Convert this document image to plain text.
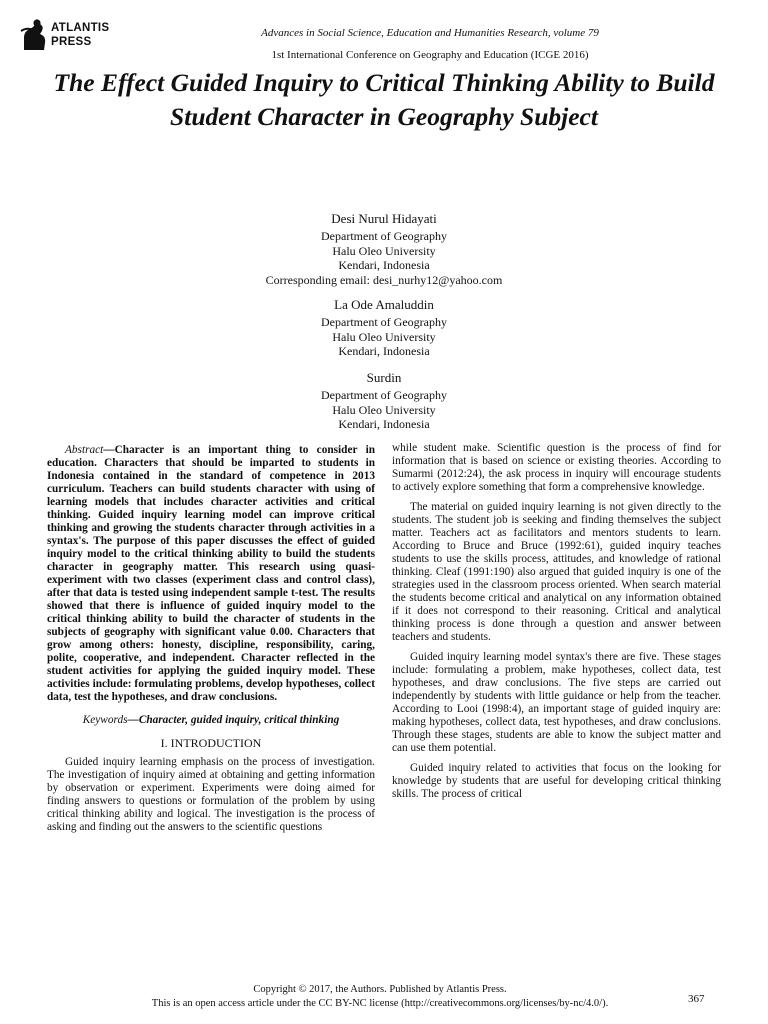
ATLANTIS
PRESS
Advances in Social Science, Education and Humanities Research, volume 79
1st International Conference on Geography and Education (ICGE 2016)
The Effect Guided Inquiry to Critical Thinking Ability to Build Student Character in Geography Subject
Desi Nurul Hidayati
Department of Geography
Halu Oleo University
Kendari, Indonesia
Corresponding email: desi_nurhy12@yahoo.com
La Ode Amaluddin
Department of Geography
Halu Oleo University
Kendari, Indonesia
Surdin
Department of Geography
Halu Oleo University
Kendari, Indonesia

Abstract—Character is an important thing to consider in education. Characters that should be imparted to students in Indonesia contained in the standard of competence in 2013 curriculum. Teachers can build students character with using of learning models that includes character activities and critical thinking. Guided inquiry learning model can improve critical thinking and growing the students character through activities in a syntax's. The purpose of this paper discusses the effect of guided inquiry model to the critical thinking ability to build the students character in geography matter. This research using quasi-experiment with two classes (experiment class and control class), after that data is tested using independent sample t-test. The results showed that there is influence of guided inquiry model to the critical thinking ability to build the character of students in the subjects of geography with significant value 0.00. Characters that grow among others: honesty, discipline, responsibility, caring, polite, cooperative, and independent. Character reflected in the student activities for applying the guided inquiry model. These activities include: formulating problems, develop hypotheses, collect data, test the hypotheses, and draw conclusions.

Keywords—Character, guided inquiry, critical thinking

I. INTRODUCTION

Guided inquiry learning emphasis on the process of investigation. The investigation of inquiry aimed at obtaining and getting information by observation or experiment. Experiments were doing aimed for finding answers to questions or formulation of the problem by using critical thinking ability and logical. The investigation is the process of asking and finding out the answers to the scientific questions

while student make. Scientific question is the process of find for information that is based on science or existing theories. According to Sumarmi (2012:24), the ask process in inquiry will encourage students to actively explore something that form a comprehensive knowledge.

The material on guided inquiry learning is not given directly to the students. The student job is seeking and finding themselves the subject matter. Teachers act as facilitators and mentors students to learn. According to Bruce and Bruce (1992:61), guided inquiry teaches students to use the skills process, attitudes, and knowledge of rational thinking. Cleaf (1991:190) also argued that guided inquiry is one of the strategies used in the classroom process oriented. When search material the students become critical and analytical on any information obtained if it does not correspond to their reasoning. Critical and analytical thinking process is done through a question and answer between teachers and students.

Guided inquiry learning model syntax's there are five. These stages include: formulating a problem, make hypotheses, collect data, test hypotheses, and draw conclusions. The five steps are carried out independently by students with little guidance or help from the teacher. According to Looi (1998:4), an important stage of guided inquiry are: making hypotheses, collect data, test hypotheses, and draw conclusions. Through these stages, students are able to know the subject matter and can use them potential.

Guided inquiry related to activities that focus on the looking for knowledge by students that are useful for developing critical thinking skills. The process of critical

Copyright © 2017, the Authors. Published by Atlantis Press.
This is an open access article under the CC BY-NC license (http://creativecommons.org/licenses/by-nc/4.0/).	367
